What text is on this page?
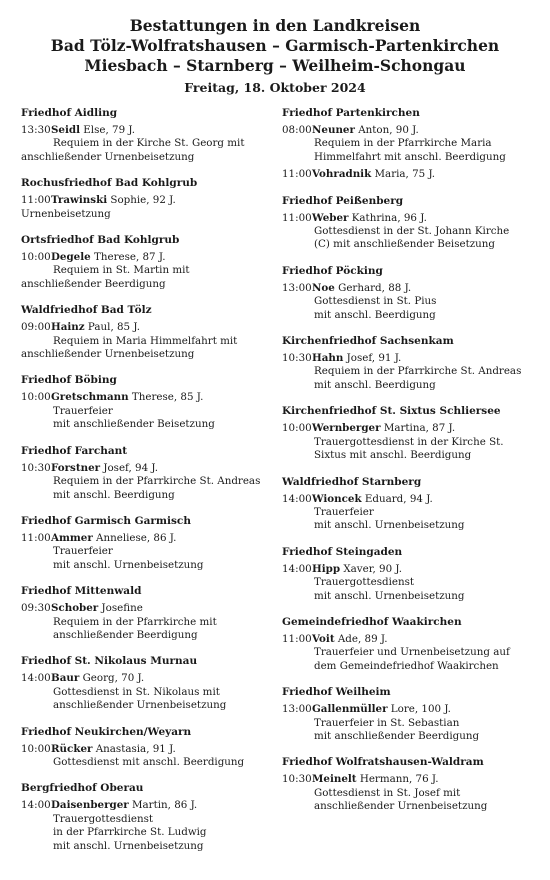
Bestattungen in den Landkreisen
Bad Tölz-Wolfratshausen – Garmisch-Partenkirchen
Miesbach – Starnberg – Weilheim-Schongau
Freitag, 18. Oktober 2024
Friedhof Aidling
13:30 Seidl Else, 79 J.
Requiem in der Kirche St. Georg mit
anschließender Urnenbeisetzung
Rochusfriedhof Bad Kohlgrub
11:00 Trawinski Sophie, 92 J.
Urnenbeisetzung
Ortsfriedhof Bad Kohlgrub
10:00 Degele Therese, 87 J.
Requiem in St. Martin mit
anschließender Beerdigung
Waldfriedhof Bad Tölz
09:00 Hainz Paul, 85 J.
Requiem in Maria Himmelfahrt mit
anschließender Urnenbeisetzung
Friedhof Böbing
10:00 Gretschmann Therese, 85 J.
Trauerfeier
mit anschließender Beisetzung
Friedhof Farchant
10:30 Forstner Josef, 94 J.
Requiem in der Pfarrkirche St. Andreas
mit anschl. Beerdigung
Friedhof Garmisch Garmisch
11:00 Ammer Anneliese, 86 J.
Trauerfeier
mit anschl. Urnenbeisetzung
Friedhof Mittenwald
09:30 Schober Josefine
Requiem in der Pfarrkirche mit
anschließender Beerdigung
Friedhof St. Nikolaus Murnau
14:00 Baur Georg, 70 J.
Gottesdienst in St. Nikolaus mit
anschließender Urnenbeisetzung
Friedhof Neukirchen/Weyarn
10:00 Rücker Anastasia, 91 J.
Gottesdienst mit anschl. Beerdigung
Bergfriedhof Oberau
14:00 Daisenberger Martin, 86 J.
Trauergottesdienst
in der Pfarrkirche St. Ludwig
mit anschl. Urnenbeisetzung
Friedhof Partenkirchen
08:00 Neuner Anton, 90 J.
Requiem in der Pfarrkirche Maria
Himmelfahrt mit anschl. Beerdigung
11:00 Vohradnik Maria, 75 J.
Friedhof Peißenberg
11:00 Weber Kathrina, 96 J.
Gottesdienst in der St. Johann Kirche
(C) mit anschließender Beisetzung
Friedhof Pöcking
13:00 Noe Gerhard, 88 J.
Gottesdienst in St. Pius
mit anschl. Beerdigung
Kirchenfriedhof Sachsenkam
10:30 Hahn Josef, 91 J.
Requiem in der Pfarrkirche St. Andreas
mit anschl. Beerdigung
Kirchenfriedhof St. Sixtus Schliersee
10:00 Wernberger Martina, 87 J.
Trauergottesdienst in der Kirche St.
Sixtus mit anschl. Beerdigung
Waldfriedhof Starnberg
14:00 Wioncek Eduard, 94 J.
Trauerfeier
mit anschl. Urnenbeisetzung
Friedhof Steingaden
14:00 Hipp Xaver, 90 J.
Trauergottesdienst
mit anschl. Urnenbeisetzung
Gemeindefriedhof Waakirchen
11:00 Voit Ade, 89 J.
Trauerfeier und Urnenbeisetzung auf
dem Gemeindefriedhof Waakirchen
Friedhof Weilheim
13:00 Gallenmüller Lore, 100 J.
Trauerfeier in St. Sebastian
mit anschließender Beerdigung
Friedhof Wolfratshausen-Waldram
10:30 Meinelt Hermann, 76 J.
Gottesdienst in St. Josef mit
anschließender Urnenbeisetzung
